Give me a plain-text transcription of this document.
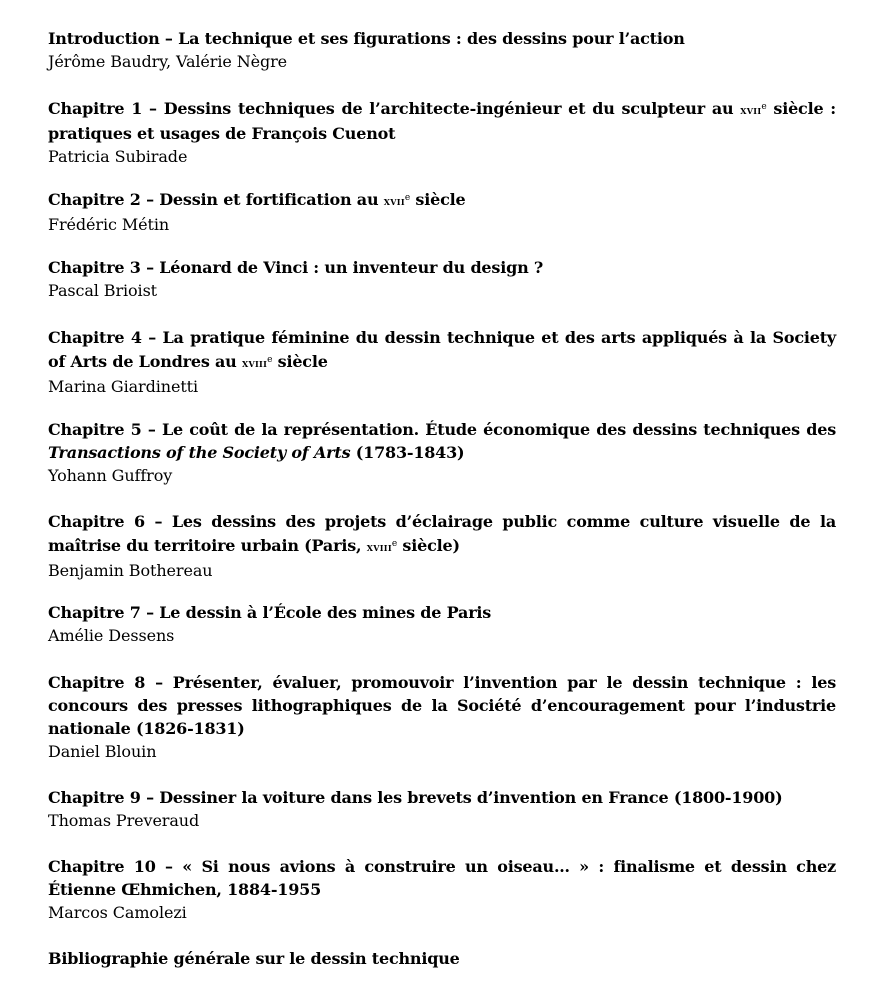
Introduction – La technique et ses figurations : des dessins pour l’action
Jérôme Baudry, Valérie Nègre
Chapitre 1 – Dessins techniques de l’architecte-ingénieur et du sculpteur au xvii$^e$ siècle : pratiques et usages de François Cuenot
Patricia Subirade
Chapitre 2 – Dessin et fortification au xvii$^e$ siècle
Frédéric Métin
Chapitre 3 – Léonard de Vinci : un inventeur du design ?
Pascal Brioist
Chapitre 4 – La pratique féminine du dessin technique et des arts appliqués à la Society of Arts de Londres au xviii$^e$ siècle
Marina Giardinetti
Chapitre 5 – Le coût de la représentation. Étude économique des dessins techniques des Transactions of the Society of Arts (1783-1843)
Yohann Guffroy
Chapitre 6 – Les dessins des projets d’éclairage public comme culture visuelle de la maîtrise du territoire urbain (Paris, xviii$^e$ siècle)
Benjamin Bothereau
Chapitre 7 – Le dessin à l’École des mines de Paris
Amélie Dessens
Chapitre 8 – Présenter, évaluer, promouvoir l’invention par le dessin technique : les concours des presses lithographiques de la Société d’encouragement pour l’industrie nationale (1826-1831)
Daniel Blouin
Chapitre 9 – Dessiner la voiture dans les brevets d’invention en France (1800-1900)
Thomas Preveraud
Chapitre 10 – « Si nous avions à construire un oiseau… » : finalisme et dessin chez Étienne Œhmichen, 1884-1955
Marcos Camolezi
Bibliographie générale sur le dessin technique
